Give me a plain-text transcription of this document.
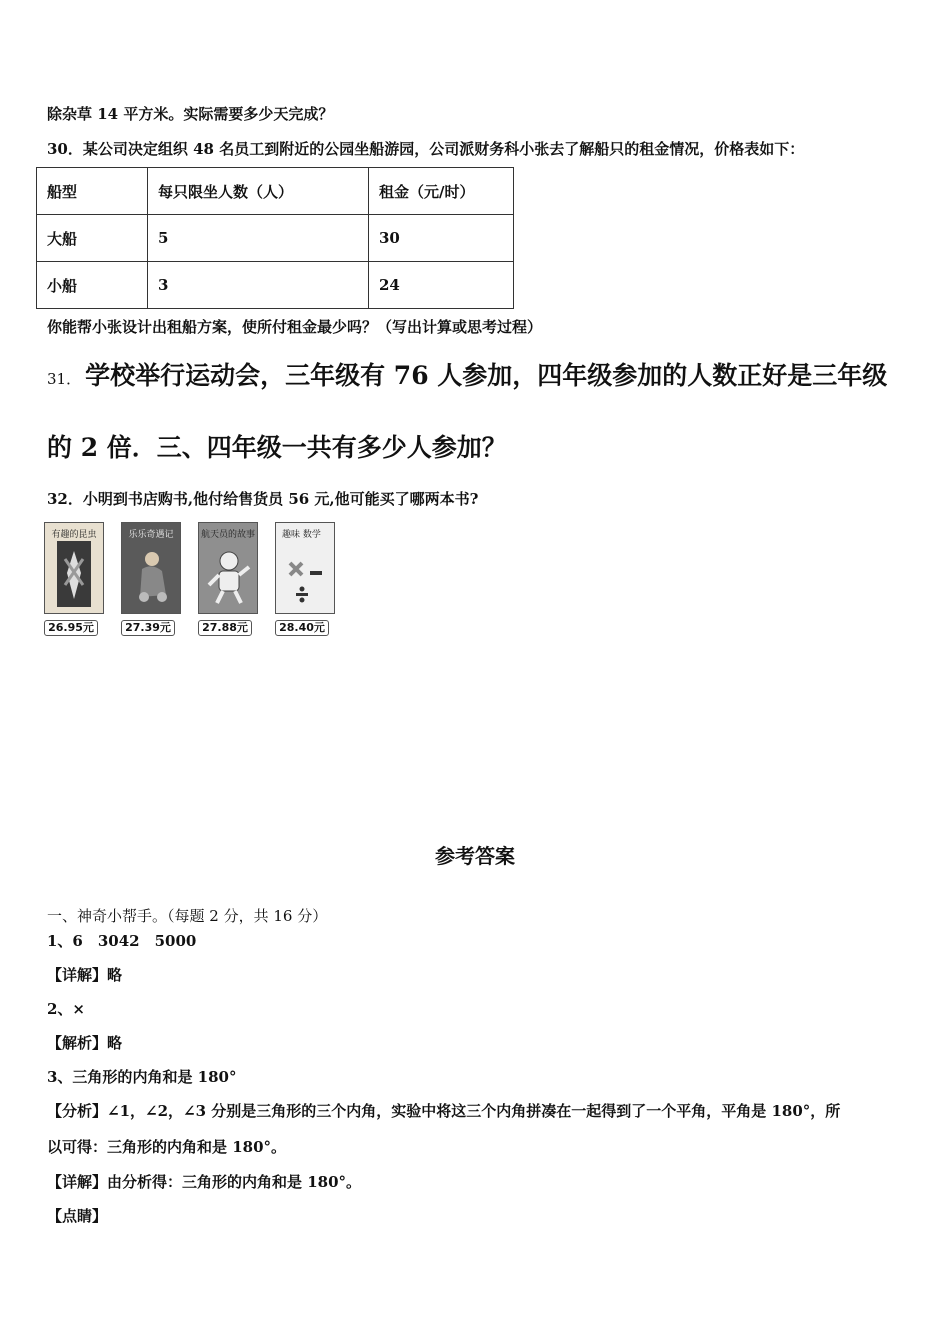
除杂草 14 平方米。实际需要多少天完成？
30．某公司决定组织 48 名员工到附近的公园坐船游园，公司派财务科小张去了解船只的租金情况，价格表如下：
船型	每只限坐人数（人）	租金（元/时）
大船	5	30
小船	3	24
你能帮小张设计出租船方案，使所付租金最少吗？（写出计算或思考过程）
31． 学校举行运动会，三年级有 76 人参加，四年级参加的人数正好是三年级
的 2 倍．三、四年级一共有多少人参加？
32．小明到书店购书,他付给售货员 56 元,他可能买了哪两本书?
有趣的昆虫
26.95元
乐乐奇遇记
27.39元
航天员的故事
27.88元
趣味 数学
28.40元
参考答案
一、神奇小帮手。（每题 2 分，共 16 分）
1、6　3042　5000
【详解】略
2、×
【解析】略
3、三角形的内角和是 180°
【分析】∠1，∠2，∠3 分别是三角形的三个内角，实验中将这三个内角拼凑在一起得到了一个平角，平角是 180°，所
以可得：三角形的内角和是 180°。
【详解】由分析得：三角形的内角和是 180°。
【点睛】
